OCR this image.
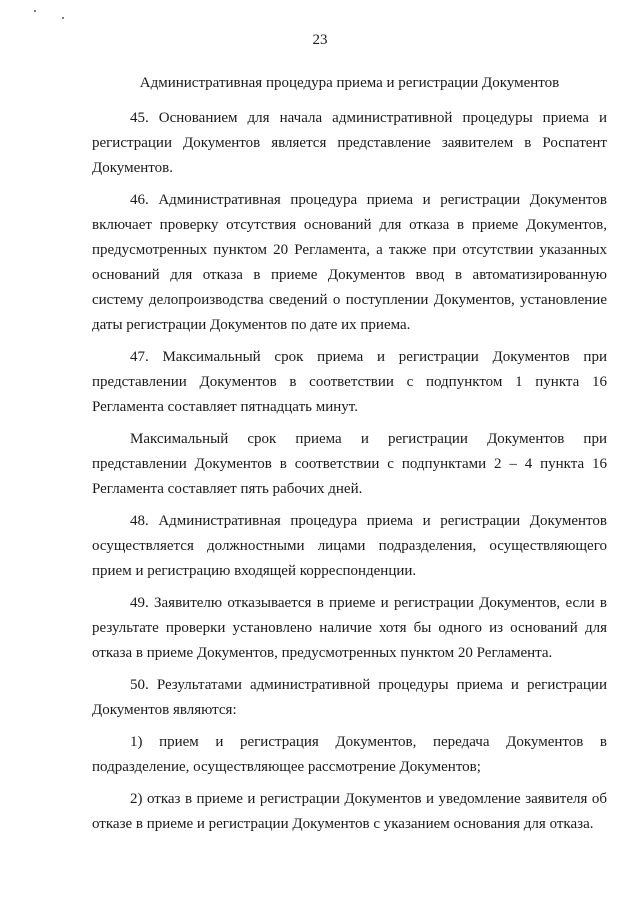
23
Административная процедура приема и регистрации Документов

45. Основанием для начала административной процедуры приема и регистрации Документов является представление заявителем в Роспатент Документов.

46. Административная процедура приема и регистрации Документов включает проверку отсутствия оснований для отказа в приеме Документов, предусмотренных пунктом 20 Регламента, а также при отсутствии указанных оснований для отказа в приеме Документов ввод в автоматизированную систему делопроизводства сведений о поступлении Документов, установление даты регистрации Документов по дате их приема.

47. Максимальный срок приема и регистрации Документов при представлении Документов в соответствии с подпунктом 1 пункта 16 Регламента составляет пятнадцать минут.

Максимальный срок приема и регистрации Документов при представлении Документов в соответствии с подпунктами 2 – 4 пункта 16 Регламента составляет пять рабочих дней.

48. Административная процедура приема и регистрации Документов осуществляется должностными лицами подразделения, осуществляющего прием и регистрацию входящей корреспонденции.

49. Заявителю отказывается в приеме и регистрации Документов, если в результате проверки установлено наличие хотя бы одного из оснований для отказа в приеме Документов, предусмотренных пунктом 20 Регламента.

50. Результатами административной процедуры приема и регистрации Документов являются:

1) прием и регистрация Документов, передача Документов в подразделение, осуществляющее рассмотрение Документов;

2) отказ в приеме и регистрации Документов и уведомление заявителя об отказе в приеме и регистрации Документов с указанием основания для отказа.
